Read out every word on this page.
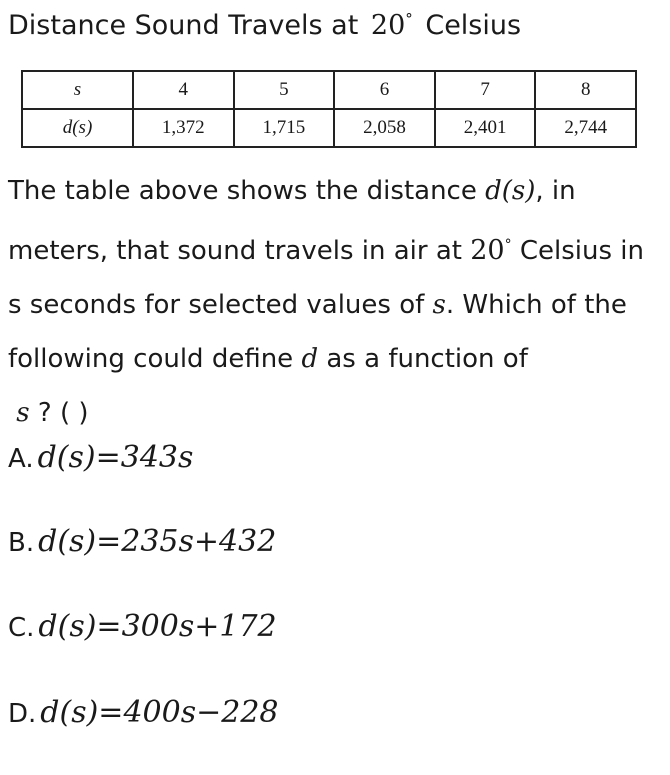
Distance Sound Travels at 20° Celsius
s	4	5	6	7	8
d(s)	1,372	1,715	2,058	2,401	2,744
The table above shows the distance d(s), in meters, that sound travels in air at 20° Celsius in s seconds for selected values of s. Which of the following could define d as a function of
s ? ( )
A. d(s)=343s
B. d(s)=235s+432
C. d(s)=300s+172
D. d(s)=400s−228
